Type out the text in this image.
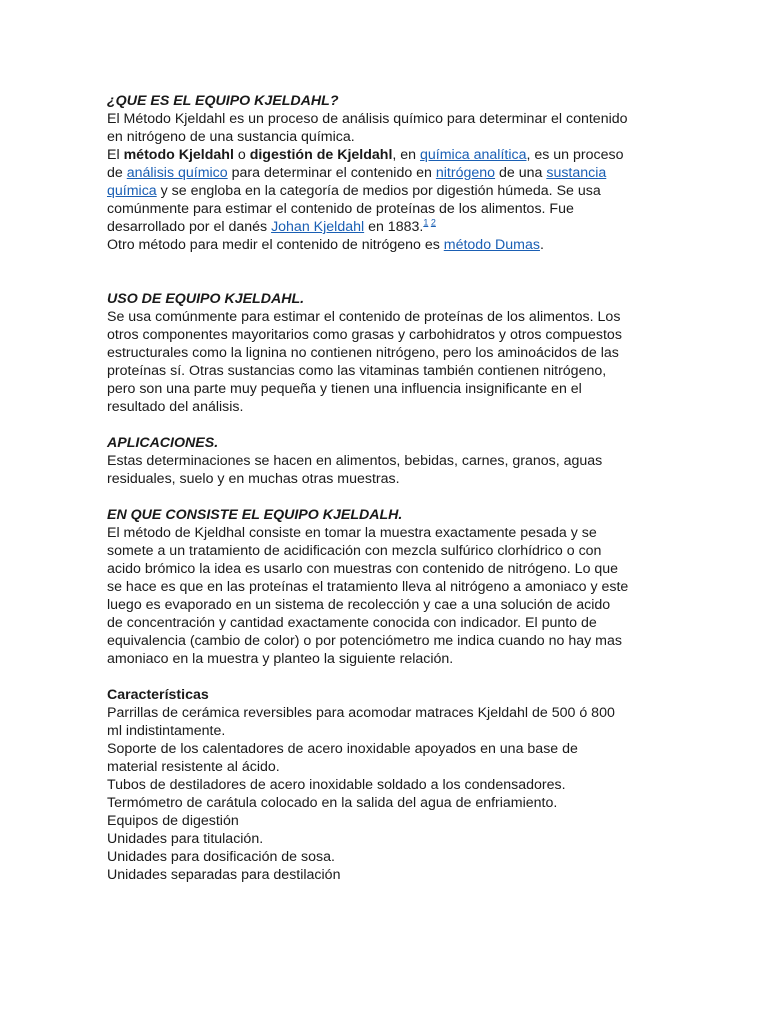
¿QUE ES EL EQUIPO KJELDAHL?
El Método Kjeldahl es un proceso de análisis químico para determinar el contenido
en nitrógeno de una sustancia química.
El método Kjeldahl o digestión de Kjeldahl, en química analítica, es un proceso
de análisis químico para determinar el contenido en nitrógeno de una sustancia
química y se engloba en la categoría de medios por digestión húmeda. Se usa
comúnmente para estimar el contenido de proteínas de los alimentos. Fue
desarrollado por el danés Johan Kjeldahl en 1883.$^{1 2}$
Otro método para medir el contenido de nitrógeno es método Dumas.
USO DE EQUIPO KJELDAHL.
Se usa comúnmente para estimar el contenido de proteínas de los alimentos. Los
otros componentes mayoritarios como grasas y carbohidratos y otros compuestos
estructurales como la lignina no contienen nitrógeno, pero los aminoácidos de las
proteínas sí. Otras sustancias como las vitaminas también contienen nitrógeno,
pero son una parte muy pequeña y tienen una influencia insignificante en el
resultado del análisis.
APLICACIONES.
Estas determinaciones se hacen en alimentos, bebidas, carnes, granos, aguas
residuales, suelo y en muchas otras muestras.
EN QUE CONSISTE EL EQUIPO KJELDALH.
El método de Kjeldhal consiste en tomar la muestra exactamente pesada y se
somete a un tratamiento de acidificación con mezcla sulfúrico clorhídrico o con
acido brómico la idea es usarlo con muestras con contenido de nitrógeno. Lo que
se hace es que en las proteínas el tratamiento lleva al nitrógeno a amoniaco y este
luego es evaporado en un sistema de recolección y cae a una solución de acido
de concentración y cantidad exactamente conocida con indicador. El punto de
equivalencia (cambio de color) o por potenciómetro me indica cuando no hay mas
amoniaco en la muestra y planteo la siguiente relación.
Características
Parrillas de cerámica reversibles para acomodar matraces Kjeldahl de 500 ó 800
ml indistintamente.
Soporte de los calentadores de acero inoxidable apoyados en una base de
material resistente al ácido.
Tubos de destiladores de acero inoxidable soldado a los condensadores.
Termómetro de carátula colocado en la salida del agua de enfriamiento.
Equipos de digestión
Unidades para titulación.
Unidades para dosificación de sosa.
Unidades separadas para destilación
